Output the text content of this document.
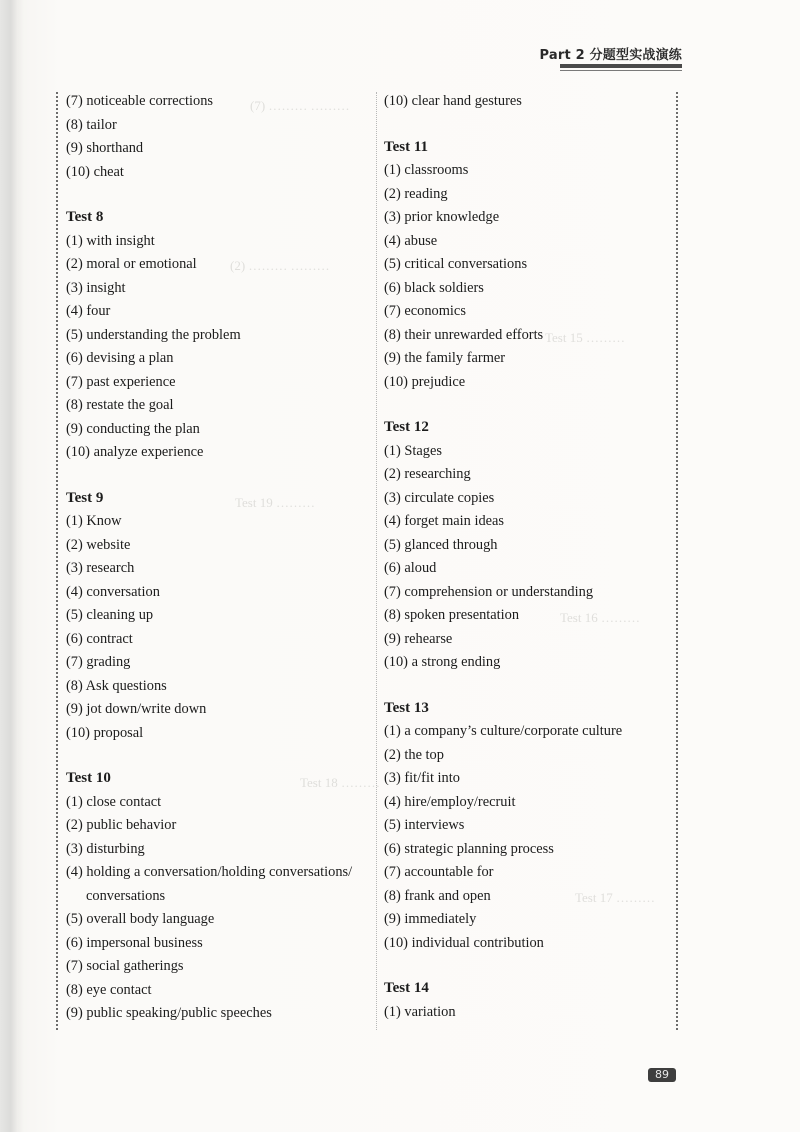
(7) ……… ………
(2) ……… ………
Test 19 ………
Test 18 ………
Test 15 ………
Test 16 ………
Test 17 ………
Part 2 分题型实战演练
(7) noticeable corrections
(8) tailor
(9) shorthand
(10) cheat
Test 8
(1) with insight
(2) moral or emotional
(3) insight
(4) four
(5) understanding the problem
(6) devising a plan
(7) past experience
(8) restate the goal
(9) conducting the plan
(10) analyze experience
Test 9
(1) Know
(2) website
(3) research
(4) conversation
(5) cleaning up
(6) contract
(7) grading
(8) Ask questions
(9) jot down/write down
(10) proposal
Test 10
(1) close contact
(2) public behavior
(3) disturbing
(4) holding a conversation/holding conversations/ conversations
(5) overall body language
(6) impersonal business
(7) social gatherings
(8) eye contact
(9) public speaking/public speeches
(10) clear hand gestures
Test 11
(1) classrooms
(2) reading
(3) prior knowledge
(4) abuse
(5) critical conversations
(6) black soldiers
(7) economics
(8) their unrewarded efforts
(9) the family farmer
(10) prejudice
Test 12
(1) Stages
(2) researching
(3) circulate copies
(4) forget main ideas
(5) glanced through
(6) aloud
(7) comprehension or understanding
(8) spoken presentation
(9) rehearse
(10) a strong ending
Test 13
(1) a company’s culture/corporate culture
(2) the top
(3) fit/fit into
(4) hire/employ/recruit
(5) interviews
(6) strategic planning process
(7) accountable for
(8) frank and open
(9) immediately
(10) individual contribution
Test 14
(1) variation
89
